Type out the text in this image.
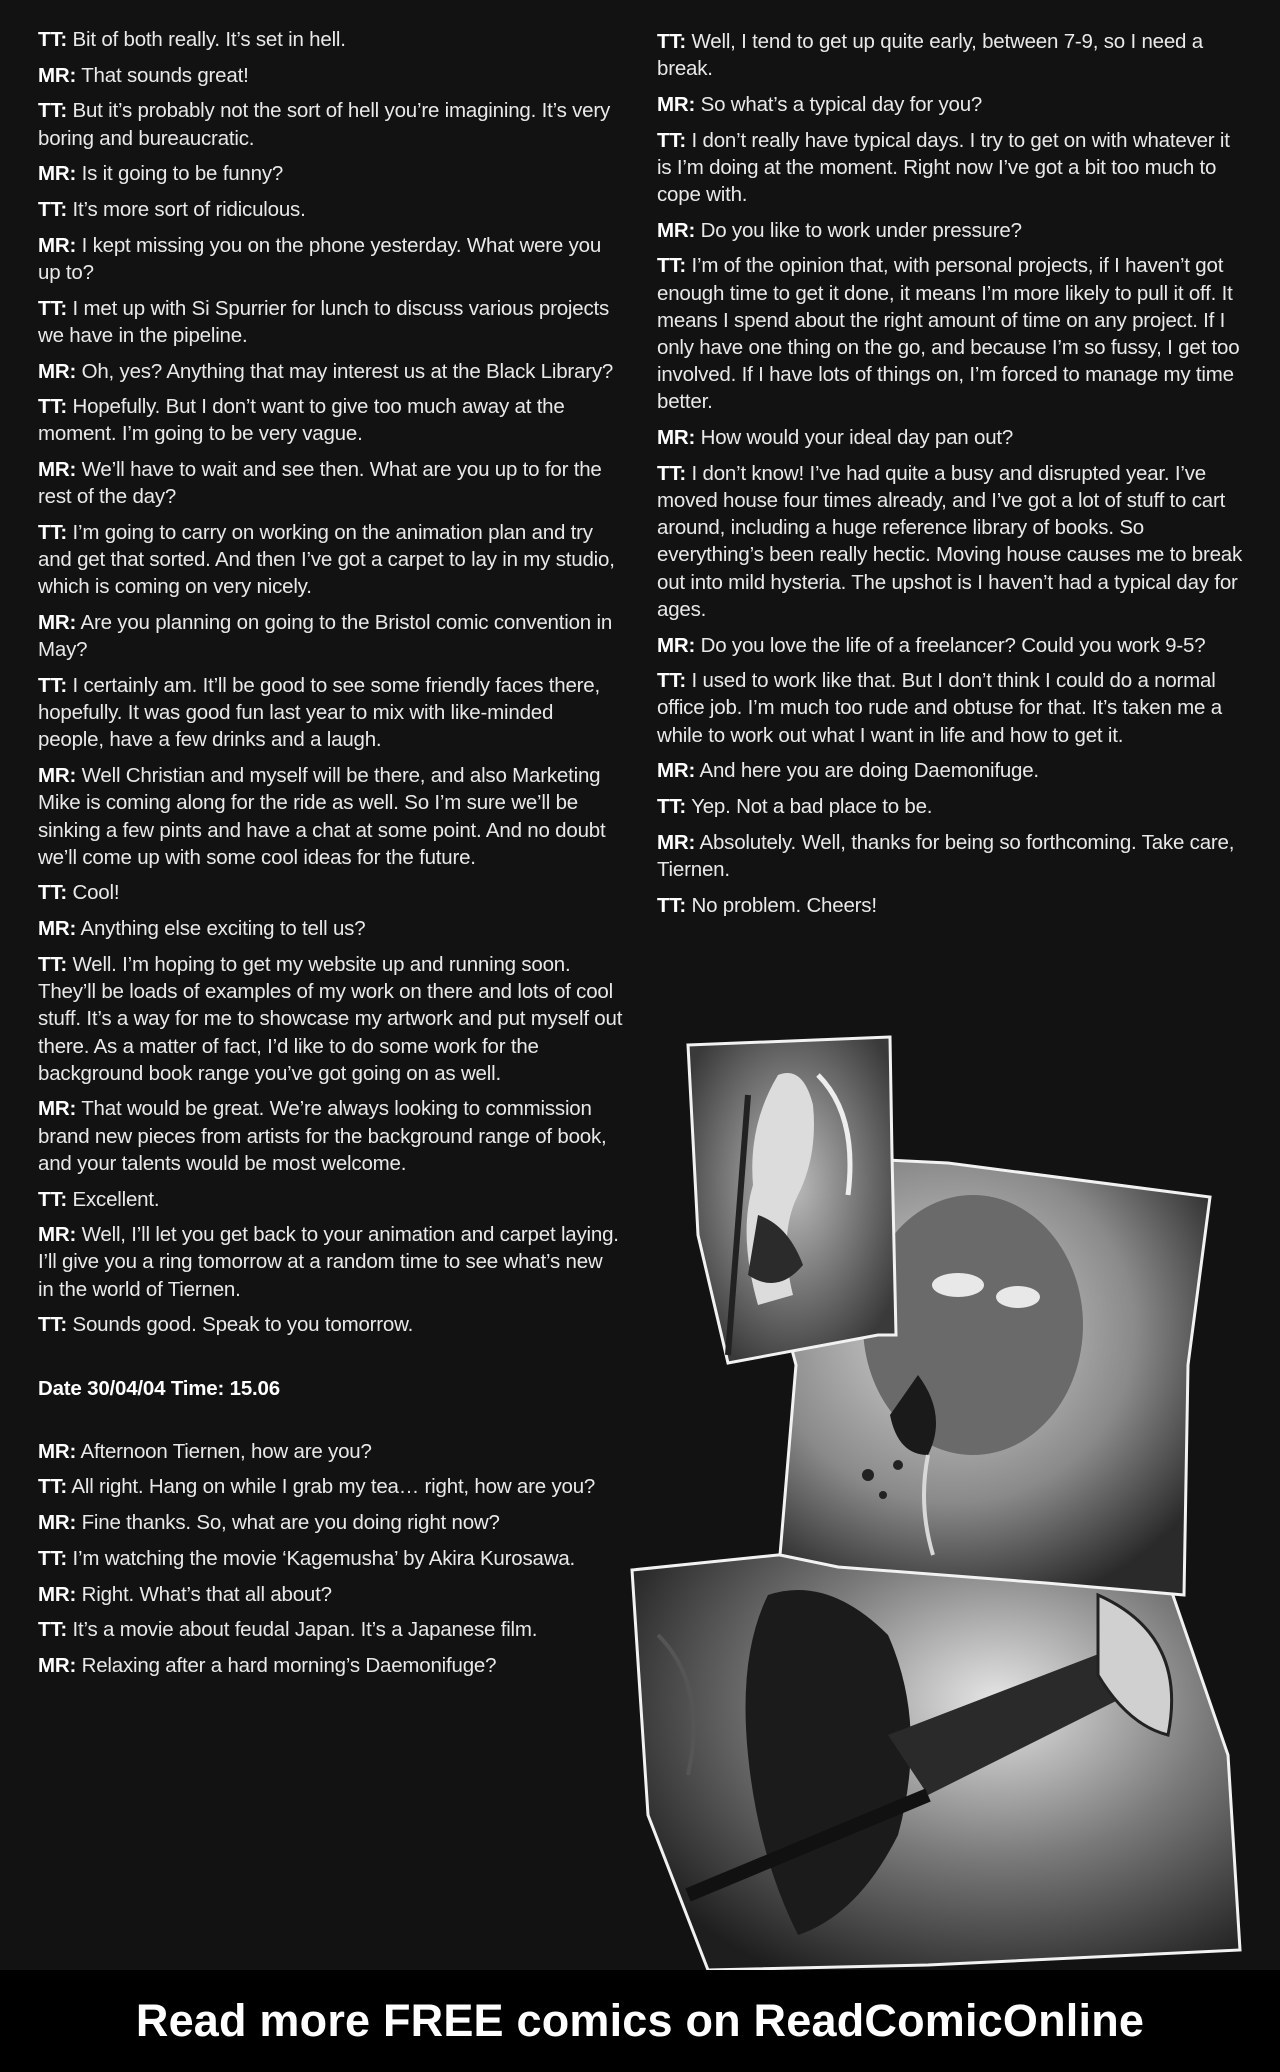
TT: Bit of both really. It’s set in hell.
MR: That sounds great!
TT: But it’s probably not the sort of hell you’re imagining. It’s very boring and bureaucratic.
MR: Is it going to be funny?
TT: It’s more sort of ridiculous.
MR: I kept missing you on the phone yesterday. What were you up to?
TT: I met up with Si Spurrier for lunch to discuss various projects we have in the pipeline.
MR: Oh, yes? Anything that may interest us at the Black Library?
TT: Hopefully. But I don’t want to give too much away at the moment. I’m going to be very vague.
MR: We’ll have to wait and see then. What are you up to for the rest of the day?
TT: I’m going to carry on working on the animation plan and try and get that sorted. And then I’ve got a carpet to lay in my studio, which is coming on very nicely.
MR: Are you planning on going to the Bristol comic convention in May?
TT: I certainly am. It’ll be good to see some friendly faces there, hopefully. It was good fun last year to mix with like-minded people, have a few drinks and a laugh.
MR: Well Christian and myself will be there, and also Marketing Mike is coming along for the ride as well. So I’m sure we’ll be sinking a few pints and have a chat at some point. And no doubt we’ll come up with some cool ideas for the future.
TT: Cool!
MR: Anything else exciting to tell us?
TT: Well. I’m hoping to get my website up and running soon. They’ll be loads of examples of my work on there and lots of cool stuff. It’s a way for me to showcase my artwork and put myself out there. As a matter of fact, I’d like to do some work for the background book range you’ve got going on as well.
MR: That would be great. We’re always looking to commission brand new pieces from artists for the background range of book, and your talents would be most welcome.
TT: Excellent.
MR: Well, I’ll let you get back to your animation and carpet laying. I’ll give you a ring tomorrow at a random time to see what’s new in the world of Tiernen.
TT: Sounds good. Speak to you tomorrow.
Date 30/04/04 Time: 15.06
MR: Afternoon Tiernen, how are you?
TT: All right. Hang on while I grab my tea… right, how are you?
MR: Fine thanks. So, what are you doing right now?
TT: I’m watching the movie ‘Kagemusha’ by Akira Kurosawa.
MR: Right. What’s that all about?
TT: It’s a movie about feudal Japan. It’s a Japanese film.
MR: Relaxing after a hard morning’s Daemonifuge?
TT: Well, I tend to get up quite early, between 7-9, so I need a break.
MR: So what’s a typical day for you?
TT: I don’t really have typical days. I try to get on with whatever it is I’m doing at the moment. Right now I’ve got a bit too much to cope with.
MR: Do you like to work under pressure?
TT: I’m of the opinion that, with personal projects, if I haven’t got enough time to get it done, it means I’m more likely to pull it off. It means I spend about the right amount of time on any project. If I only have one thing on the go, and because I’m so fussy, I get too involved. If I have lots of things on, I’m forced to manage my time better.
MR: How would your ideal day pan out?
TT: I don’t know! I’ve had quite a busy and disrupted year. I’ve moved house four times already, and I’ve got a lot of stuff to cart around, including a huge reference library of books. So everything’s been really hectic. Moving house causes me to break out into mild hysteria. The upshot is I haven’t had a typical day for ages.
MR: Do you love the life of a freelancer? Could you work 9-5?
TT: I used to work like that. But I don’t think I could do a normal office job. I’m much too rude and obtuse for that. It’s taken me a while to work out what I want in life and how to get it.
MR: And here you are doing Daemonifuge.
TT: Yep. Not a bad place to be.
MR: Absolutely. Well, thanks for being so forthcoming. Take care, Tiernen.
TT: No problem. Cheers!
Read more FREE comics on ReadComicOnline
